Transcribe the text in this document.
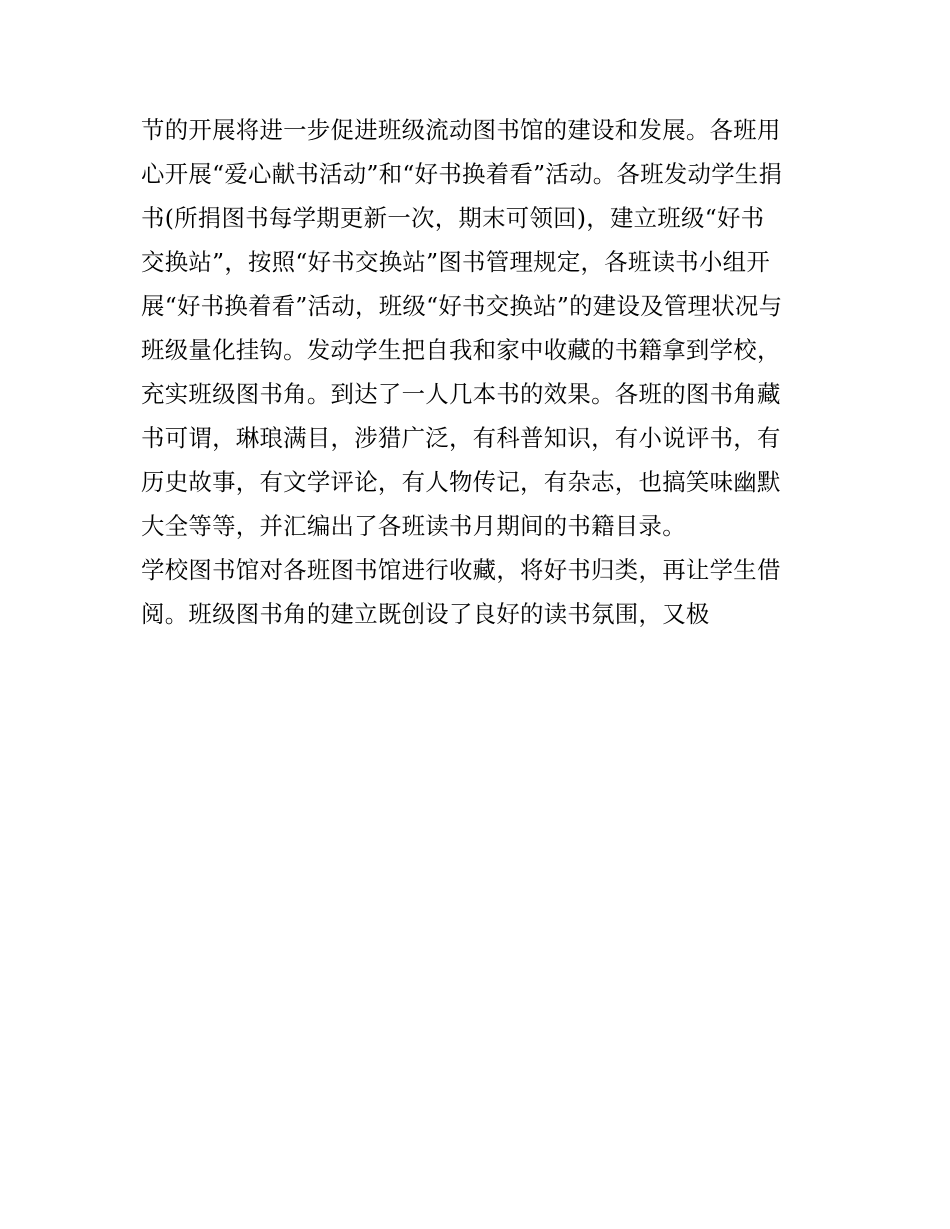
节的开展将进一步促进班级流动图书馆的建设和发展。各班用
心开展“爱心献书活动”和“好书换着看”活动。各班发动学生捐
书(所捐图书每学期更新一次，期末可领回)，建立班级“好书
交换站”，按照“好书交换站”图书管理规定，各班读书小组开
展“好书换着看”活动，班级“好书交换站”的建设及管理状况与
班级量化挂钩。发动学生把自我和家中收藏的书籍拿到学校，
充实班级图书角。到达了一人几本书的效果。各班的图书角藏
书可谓，琳琅满目，涉猎广泛，有科普知识，有小说评书，有
历史故事，有文学评论，有人物传记，有杂志，也搞笑味幽默
大全等等，并汇编出了各班读书月期间的书籍目录。
学校图书馆对各班图书馆进行收藏，将好书归类，再让学生借
阅。班级图书角的建立既创设了良好的读书氛围，又极
